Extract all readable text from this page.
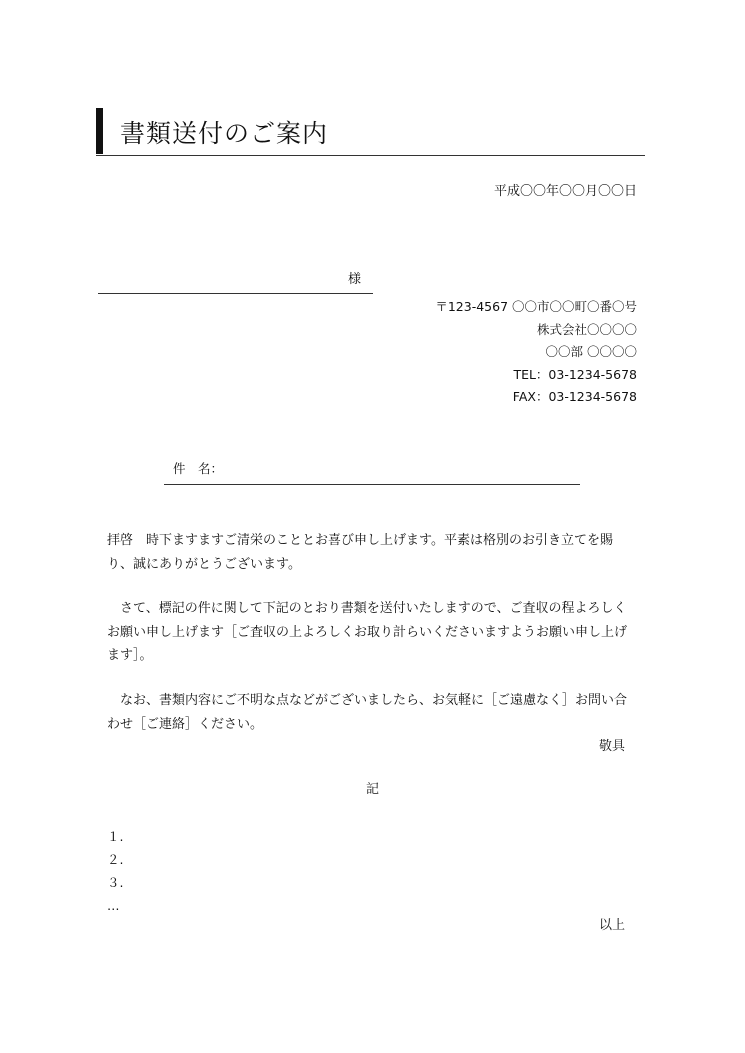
書類送付のご案内
平成〇〇年〇〇月〇〇日
様
〒123-4567 〇〇市〇〇町〇番〇号
株式会社〇〇〇〇
〇〇部 〇〇〇〇
TEL：03-1234-5678
FAX：03-1234-5678
件　名：
拝啓　時下ますますご清栄のこととお喜び申し上げます。平素は格別のお引き立てを賜り、誠にありがとうございます。
さて、標記の件に関して下記のとおり書類を送付いたしますので、ご査収の程よろしくお願い申し上げます［ご査収の上よろしくお取り計らいくださいますようお願い申し上げます］。
なお、書類内容にご不明な点などがございましたら、お気軽に［ご遠慮なく］お問い合わせ［ご連絡］ください。
敬具
記
１.
２.
３.
…
以上
